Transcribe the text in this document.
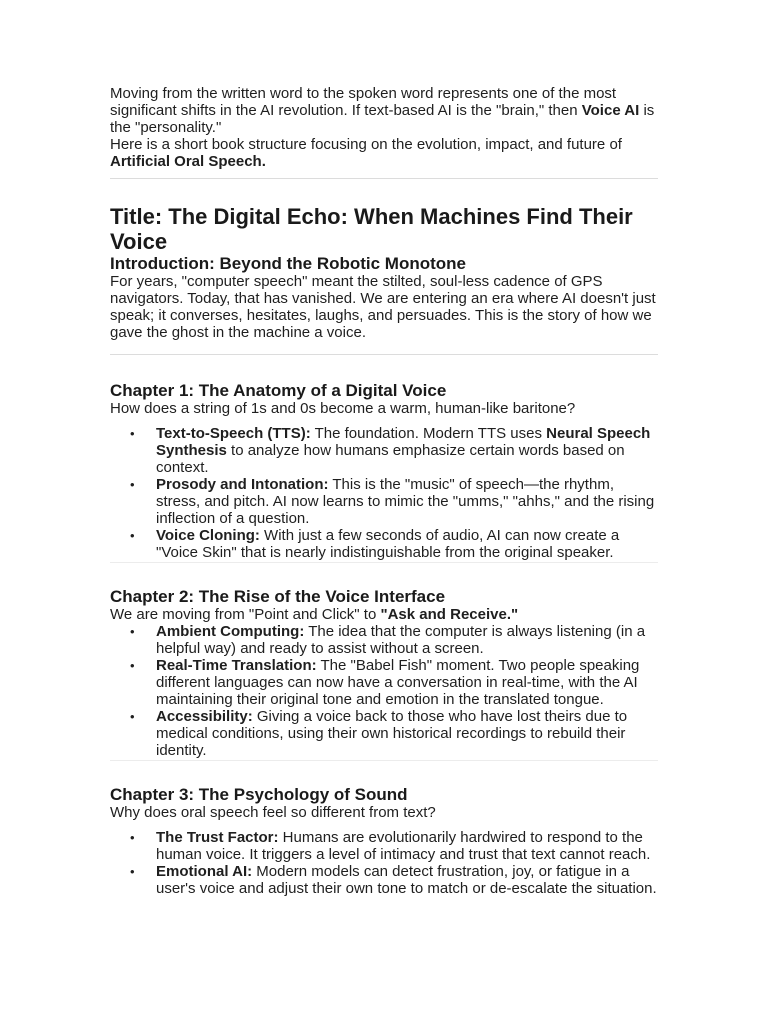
Moving from the written word to the spoken word represents one of the most significant shifts in the AI revolution. If text-based AI is the "brain," then Voice AI is the "personality."

Here is a short book structure focusing on the evolution, impact, and future of Artificial Oral Speech.

Title: The Digital Echo: When Machines Find Their Voice
Introduction: Beyond the Robotic Monotone

For years, "computer speech" meant the stilted, soul-less cadence of GPS navigators. Today, that has vanished. We are entering an era where AI doesn't just speak; it converses, hesitates, laughs, and persuades. This is the story of how we gave the ghost in the machine a voice.

Chapter 1: The Anatomy of a Digital Voice

How does a string of 1s and 0s become a warm, human-like baritone?

• Text-to-Speech (TTS): The foundation. Modern TTS uses Neural Speech Synthesis to analyze how humans emphasize certain words based on context.
• Prosody and Intonation: This is the "music" of speech—the rhythm, stress, and pitch. AI now learns to mimic the "umms," "ahhs," and the rising inflection of a question.
• Voice Cloning: With just a few seconds of audio, AI can now create a "Voice Skin" that is nearly indistinguishable from the original speaker.
Chapter 2: The Rise of the Voice Interface

We are moving from "Point and Click" to "Ask and Receive."

• Ambient Computing: The idea that the computer is always listening (in a helpful way) and ready to assist without a screen.
• Real-Time Translation: The "Babel Fish" moment. Two people speaking different languages can now have a conversation in real-time, with the AI maintaining their original tone and emotion in the translated tongue.
• Accessibility: Giving a voice back to those who have lost theirs due to medical conditions, using their own historical recordings to rebuild their identity.
Chapter 3: The Psychology of Sound

Why does oral speech feel so different from text?

• The Trust Factor: Humans are evolutionarily hardwired to respond to the human voice. It triggers a level of intimacy and trust that text cannot reach.
• Emotional AI: Modern models can detect frustration, joy, or fatigue in a user's voice and adjust their own tone to match or de-escalate the situation.
